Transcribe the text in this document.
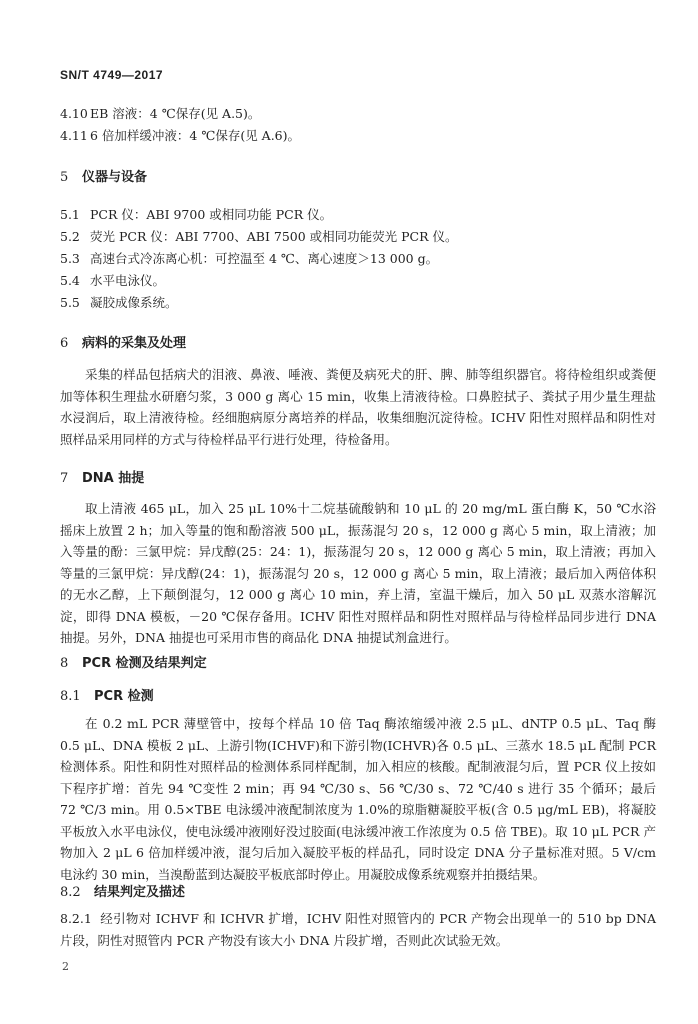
SN/T 4749—2017
4.10 EB 溶液：4 ℃保存(见 A.5)。
4.11 6 倍加样缓冲液：4 ℃保存(见 A.6)。
5 仪器与设备
5.1 PCR 仪：ABI 9700 或相同功能 PCR 仪。
5.2 荧光 PCR 仪：ABI 7700、ABI 7500 或相同功能荧光 PCR 仪。
5.3 高速台式冷冻离心机：可控温至 4 ℃、离心速度＞13 000 g。
5.4 水平电泳仪。
5.5 凝胶成像系统。
6 病料的采集及处理
采集的样品包括病犬的泪液、鼻液、唾液、粪便及病死犬的肝、脾、肺等组织器官。将待检组织或粪便加等体积生理盐水研磨匀浆，3 000 g 离心 15 min，收集上清液待检。口鼻腔拭子、粪拭子用少量生理盐水浸润后，取上清液待检。经细胞病原分离培养的样品，收集细胞沉淀待检。ICHV 阳性对照样品和阴性对照样品采用同样的方式与待检样品平行进行处理，待检备用。
7 DNA 抽提
取上清液 465 μL，加入 25 μL 10%十二烷基硫酸钠和 10 μL 的 20 mg/mL 蛋白酶 K，50 ℃水浴摇床上放置 2 h；加入等量的饱和酚溶液 500 μL，振荡混匀 20 s，12 000 g 离心 5 min，取上清液；加入等量的酚：三氯甲烷：异戊醇(25：24：1)，振荡混匀 20 s，12 000 g 离心 5 min，取上清液；再加入等量的三氯甲烷：异戊醇(24：1)，振荡混匀 20 s，12 000 g 离心 5 min，取上清液；最后加入两倍体积的无水乙醇，上下颠倒混匀，12 000 g 离心 10 min，弃上清，室温干燥后，加入 50 μL 双蒸水溶解沉淀，即得 DNA 模板，－20 ℃保存备用。ICHV 阳性对照样品和阴性对照样品与待检样品同步进行 DNA 抽提。另外，DNA 抽提也可采用市售的商品化 DNA 抽提试剂盒进行。
8 PCR 检测及结果判定
8.1 PCR 检测
在 0.2 mL PCR 薄壁管中，按每个样品 10 倍 Taq 酶浓缩缓冲液 2.5 μL、dNTP 0.5 μL、Taq 酶 0.5 μL、DNA 模板 2 μL、上游引物(ICHVF)和下游引物(ICHVR)各 0.5 μL、三蒸水 18.5 μL 配制 PCR 检测体系。阳性和阴性对照样品的检测体系同样配制，加入相应的核酸。配制液混匀后，置 PCR 仪上按如下程序扩增：首先 94 ℃变性 2 min；再 94 ℃/30 s、56 ℃/30 s、72 ℃/40 s 进行 35 个循环；最后 72 ℃/3 min。用 0.5×TBE 电泳缓冲液配制浓度为 1.0%的琼脂糖凝胶平板(含 0.5 μg/mL EB)，将凝胶平板放入水平电泳仪，使电泳缓冲液刚好没过胶面(电泳缓冲液工作浓度为 0.5 倍 TBE)。取 10 μL PCR 产物加入 2 μL 6 倍加样缓冲液，混匀后加入凝胶平板的样品孔，同时设定 DNA 分子量标准对照。5 V/cm 电泳约 30 min，当溴酚蓝到达凝胶平板底部时停止。用凝胶成像系统观察并拍摄结果。
8.2 结果判定及描述
8.2.1 经引物对 ICHVF 和 ICHVR 扩增，ICHV 阳性对照管内的 PCR 产物会出现单一的 510 bp DNA 片段，阴性对照管内 PCR 产物没有该大小 DNA 片段扩增，否则此次试验无效。
2
